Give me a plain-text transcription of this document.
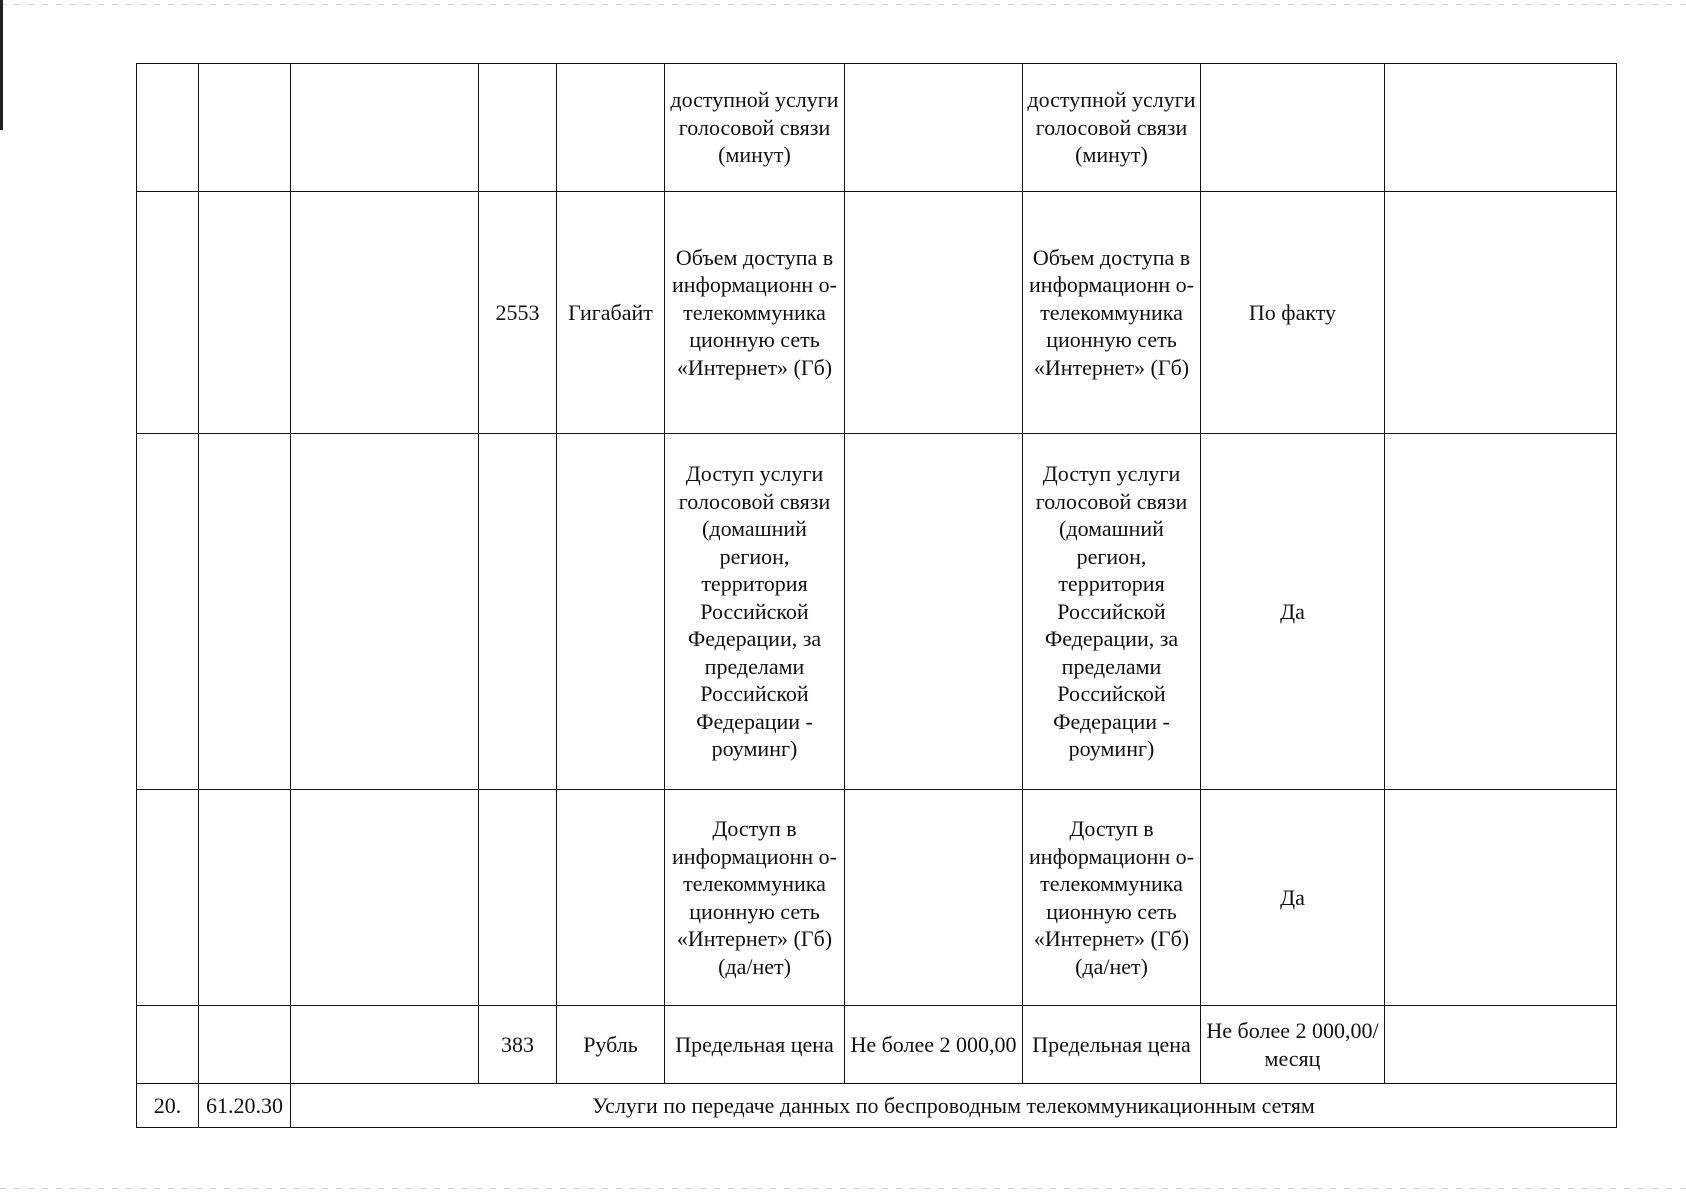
					доступной услуги голосовой связи (минут)		доступной услуги голосовой связи (минут)		
			2553	Гигабайт	Объем доступа в информационн о-телекоммуника ционную сеть «Интернет» (Гб)		Объем доступа в информационн о-телекоммуника ционную сеть «Интернет» (Гб)	По факту	
					Доступ услуги голосовой связи (домашний регион, территория Российской Федерации, за пределами Российской Федерации - роуминг)		Доступ услуги голосовой связи (домашний регион, территория Российской Федерации, за пределами Российской Федерации - роуминг)	Да	
					Доступ в информационн о-телекоммуника ционную сеть «Интернет» (Гб) (да/нет)		Доступ в информационн о-телекоммуника ционную сеть «Интернет» (Гб) (да/нет)	Да	
			383	Рубль	Предельная цена	Не более 2 000,00	Предельная цена	Не более 2 000,00/месяц	
20.	61.20.30	Услуги по передаче данных по беспроводным телекоммуникационным сетям							
